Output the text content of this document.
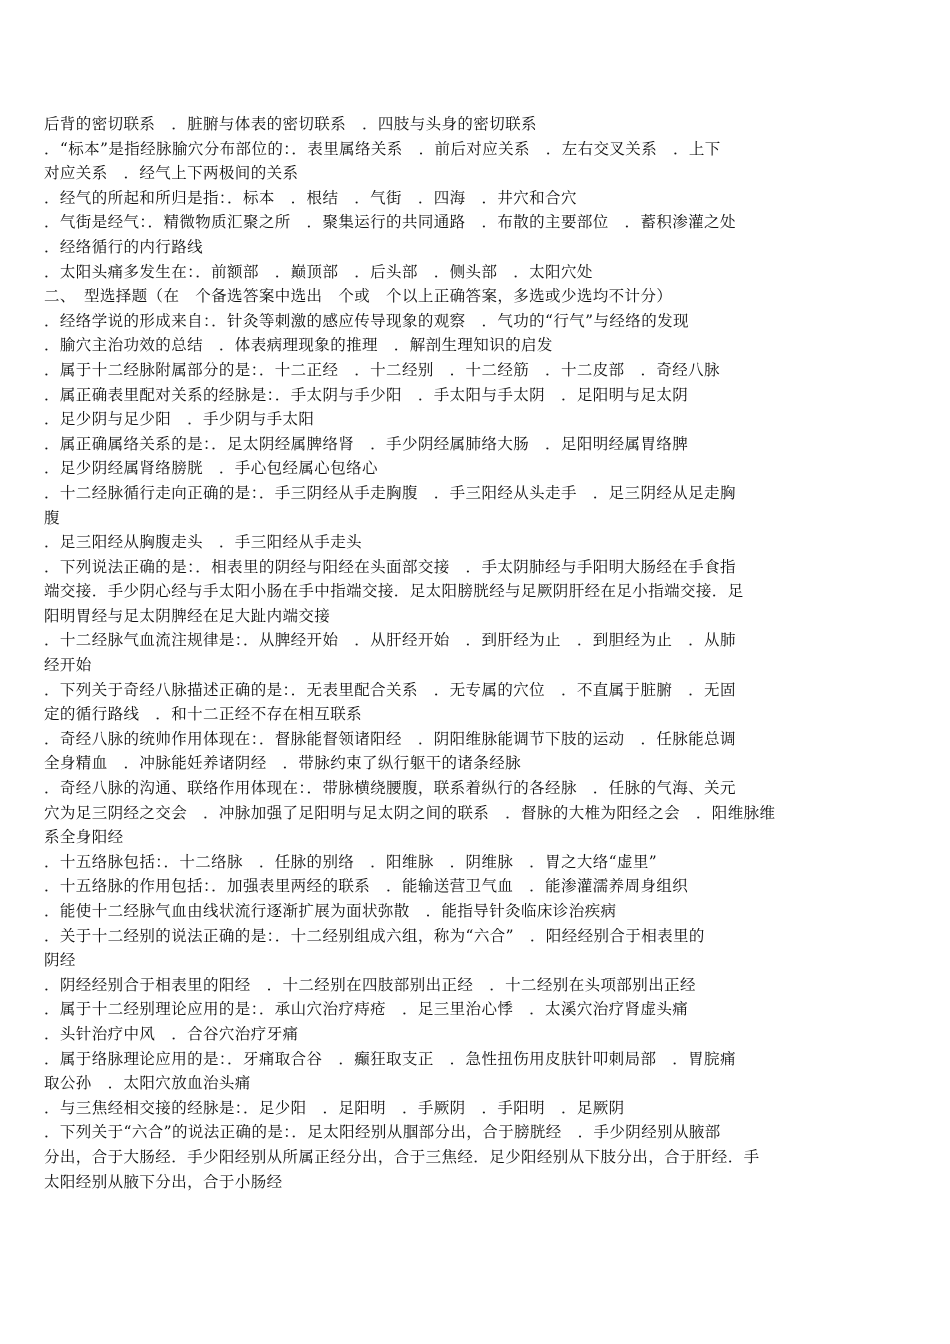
后背的密切联系　．脏腑与体表的密切联系　．四肢与头身的密切联系
．“标本”是指经脉腧穴分布部位的：．表里属络关系　．前后对应关系　．左右交叉关系　．上下
对应关系　．经气上下两极间的关系
．经气的所起和所归是指：．标本　．根结　．气街　．四海　．井穴和合穴
．气街是经气：．精微物质汇聚之所　．聚集运行的共同通路　．布散的主要部位　．蓄积渗灌之处
．经络循行的内行路线
．太阳头痛多发生在：．前额部　．巅顶部　．后头部　．侧头部　．太阳穴处
二、　型选择题（在　个备选答案中选出　个或　个以上正确答案，多选或少选均不计分）
．经络学说的形成来自：．针灸等刺激的感应传导现象的观察　．气功的“行气”与经络的发现
．腧穴主治功效的总结　．体表病理现象的推理　．解剖生理知识的启发
．属于十二经脉附属部分的是：．十二正经　．十二经别　．十二经筋　．十二皮部　．奇经八脉
．属正确表里配对关系的经脉是：．手太阴与手少阳　．手太阳与手太阴　．足阳明与足太阴
．足少阴与足少阳　．手少阴与手太阳
．属正确属络关系的是：．足太阴经属脾络肾　．手少阴经属肺络大肠　．足阳明经属胃络脾
．足少阴经属肾络膀胱　．手心包经属心包络心
．十二经脉循行走向正确的是：．手三阴经从手走胸腹　．手三阳经从头走手　．足三阴经从足走胸
腹
．足三阳经从胸腹走头　．手三阳经从手走头
．下列说法正确的是：．相表里的阴经与阳经在头面部交接　．手太阴肺经与手阳明大肠经在手食指
端交接．手少阴心经与手太阳小肠在手中指端交接．足太阳膀胱经与足厥阴肝经在足小指端交接．足
阳明胃经与足太阴脾经在足大趾内端交接
．十二经脉气血流注规律是：．从脾经开始　．从肝经开始　．到肝经为止　．到胆经为止　．从肺
经开始
．下列关于奇经八脉描述正确的是：．无表里配合关系　．无专属的穴位　．不直属于脏腑　．无固
定的循行路线　．和十二正经不存在相互联系
．奇经八脉的统帅作用体现在：．督脉能督领诸阳经　．阴阳维脉能调节下肢的运动　．任脉能总调
全身精血　．冲脉能妊养诸阴经　．带脉约束了纵行躯干的诸条经脉
．奇经八脉的沟通、联络作用体现在：．带脉横绕腰腹，联系着纵行的各经脉　．任脉的气海、关元
穴为足三阴经之交会　．冲脉加强了足阳明与足太阴之间的联系　．督脉的大椎为阳经之会　．阳维脉维
系全身阳经
．十五络脉包括：．十二络脉　．任脉的别络　．阳维脉　．阴维脉　．胃之大络“虚里”
．十五络脉的作用包括：．加强表里两经的联系　．能输送营卫气血　．能渗灌濡养周身组织
．能使十二经脉气血由线状流行逐渐扩展为面状弥散　．能指导针灸临床诊治疾病
．关于十二经别的说法正确的是：．十二经别组成六组，称为“六合”　．阳经经别合于相表里的
阴经
．阴经经别合于相表里的阳经　．十二经别在四肢部别出正经　．十二经别在头项部别出正经
．属于十二经别理论应用的是：．承山穴治疗痔疮　．足三里治心悸　．太溪穴治疗肾虚头痛
．头针治疗中风　．合谷穴治疗牙痛
．属于络脉理论应用的是：．牙痛取合谷　．癫狂取支正　．急性扭伤用皮肤针叩刺局部　．胃脘痛
取公孙　．太阳穴放血治头痛
．与三焦经相交接的经脉是：．足少阳　．足阳明　．手厥阴　．手阳明　．足厥阴
．下列关于“六合”的说法正确的是：．足太阳经别从腘部分出，合于膀胱经　．手少阴经别从腋部
分出，合于大肠经．手少阳经别从所属正经分出，合于三焦经．足少阳经别从下肢分出，合于肝经．手
太阳经别从腋下分出，合于小肠经
